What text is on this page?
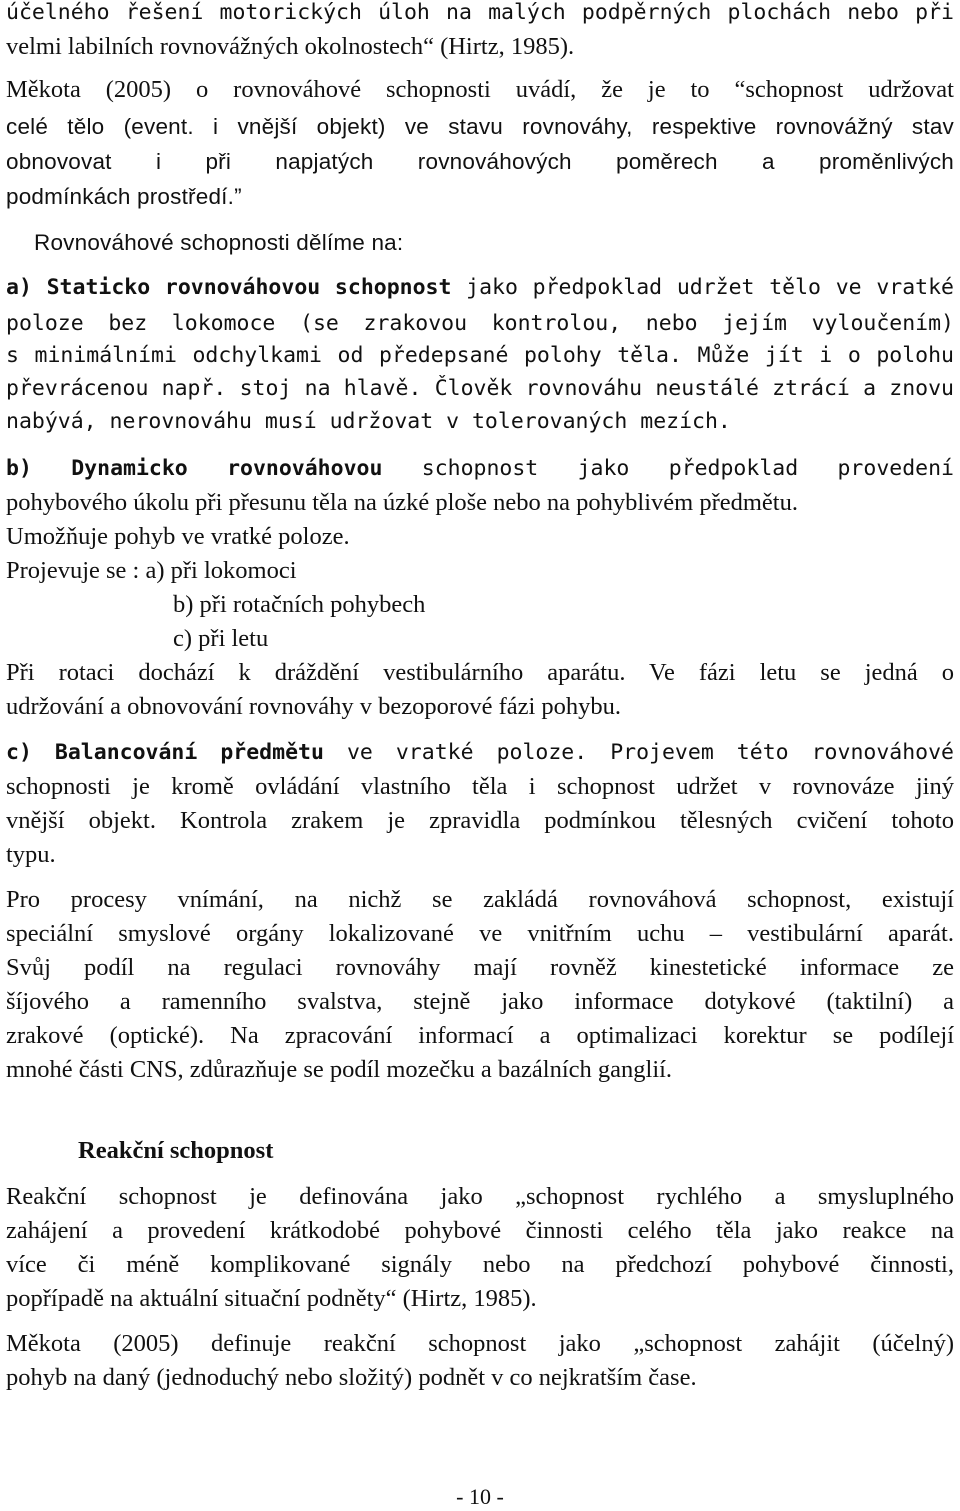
účelného řešení motorických úloh na malých podpěrných plochách nebo při
velmi labilních rovnovážných okolnostech“ (Hirtz, 1985).
Měkota (2005) o rovnováhové schopnosti uvádí, že je to “schopnost udržovat
celé tělo (event. i vnější objekt) ve stavu rovnováhy, respektive rovnovážný stav
obnovovat i při napjatých rovnováhových poměrech a proměnlivých
podmínkách prostředí.”
Rovnováhové schopnosti dělíme na:
a) Staticko rovnováhovou schopnost jako předpoklad udržet tělo ve vratké
poloze bez lokomoce (se zrakovou kontrolou, nebo jejím vyloučením)
s minimálními odchylkami od předepsané polohy těla. Může jít i o polohu
převrácenou např. stoj na hlavě. Člověk rovnováhu neustálé ztrácí a znovu
nabývá, nerovnováhu musí udržovat v tolerovaných mezích.
b) Dynamicko rovnováhovou schopnost jako předpoklad provedení
pohybového úkolu při přesunu těla na úzké ploše nebo na pohyblivém předmětu.
Umožňuje pohyb ve vratké poloze.
Projevuje se : a) při lokomoci
b) při rotačních pohybech
c) při letu
Při rotaci dochází k dráždění vestibulárního aparátu. Ve fázi letu se jedná o
udržování a obnovování rovnováhy v bezoporové fázi pohybu.
c) Balancování předmětu ve vratké poloze. Projevem této rovnováhové
schopnosti je kromě ovládání vlastního těla i schopnost udržet v rovnováze jiný
vnější objekt. Kontrola zrakem je zpravidla podmínkou tělesných cvičení tohoto
typu.
Pro procesy vnímání, na nichž se zakládá rovnováhová schopnost, existují
speciální smyslové orgány lokalizované ve vnitřním uchu – vestibulární aparát.
Svůj podíl na regulaci rovnováhy mají rovněž kinestetické informace ze
šíjového a ramenního svalstva, stejně jako informace dotykové (taktilní) a
zrakové (optické). Na zpracování informací a optimalizaci korektur se podílejí
mnohé části CNS, zdůrazňuje se podíl mozečku a bazálních ganglií.
Reakční schopnost
Reakční schopnost je definována jako „schopnost rychlého a smysluplného
zahájení a provedení krátkodobé pohybové činnosti celého těla jako reakce na
více či méně komplikované signály nebo na předchozí pohybové činnosti,
popřípadě na aktuální situační podněty“ (Hirtz, 1985).
Měkota (2005) definuje reakční schopnost jako „schopnost zahájit (účelný)
pohyb na daný (jednoduchý nebo složitý) podnět v co nejkratším čase.
- 10 -
